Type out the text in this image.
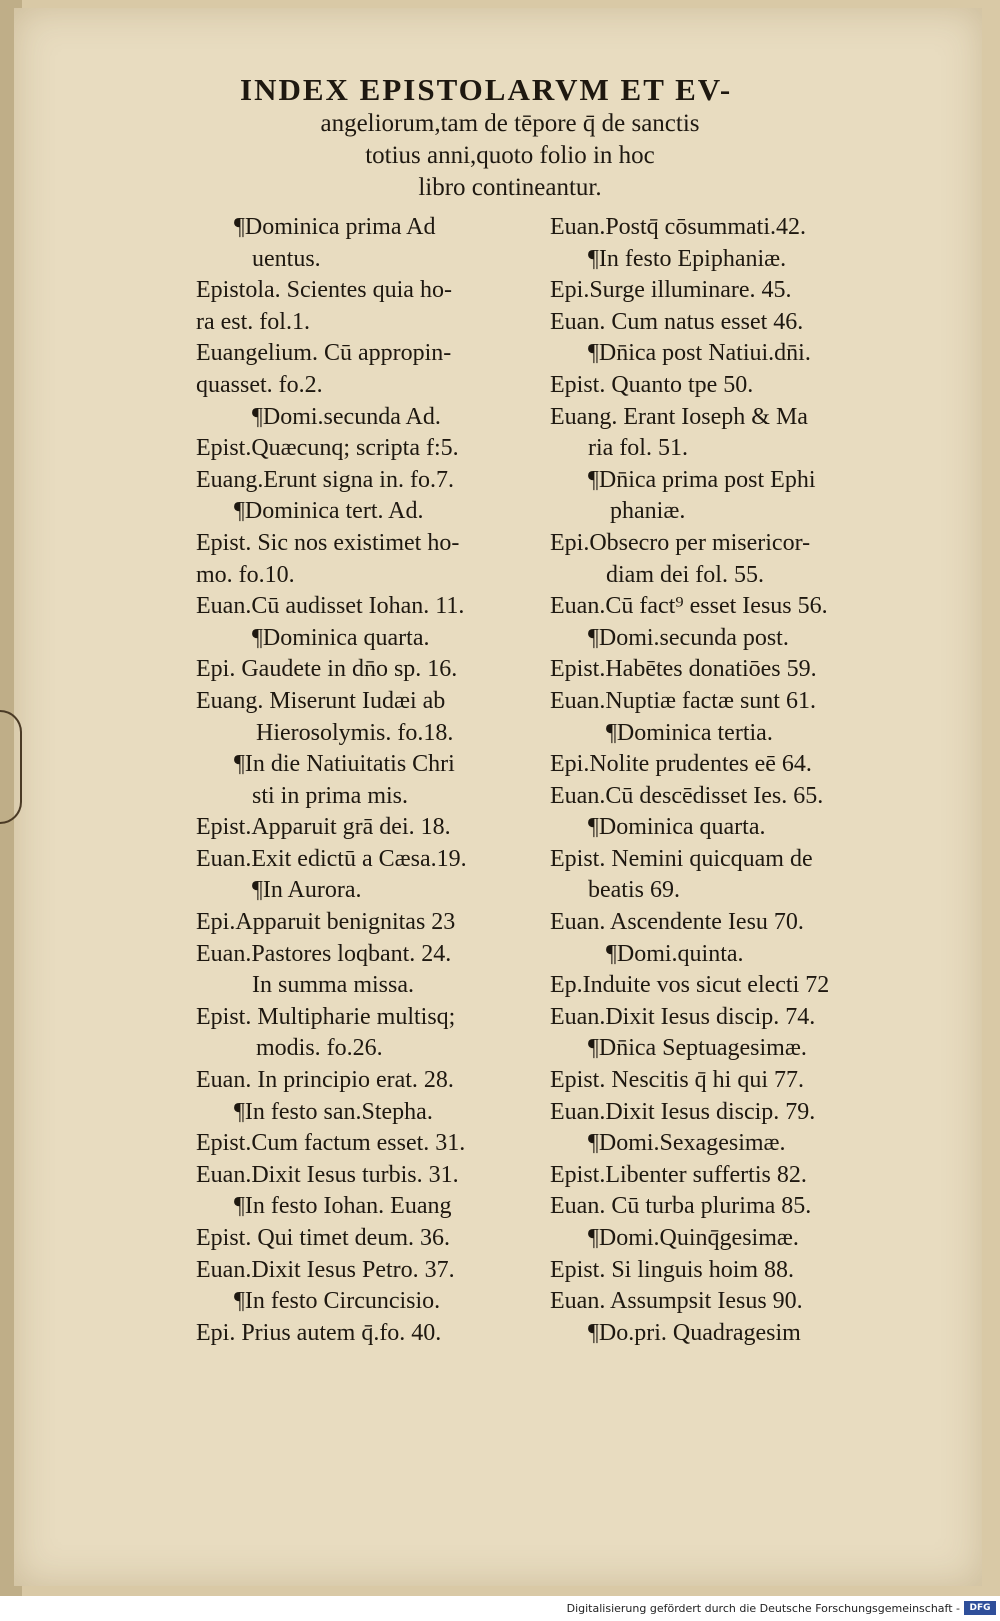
INDEX EPISTOLARVM ET EV-
angeliorum,tam de tēpore q̄ de sanctis
totius anni,quoto folio in hoc
libro contineantur.
¶Dominica prima Ad
uentus.
Epistola. Scientes quia ho-
ra est. fol.1.
Euangelium. Cū appropin-
quasset. fo.2.
¶Domi.secunda Ad.
Epist.Quæcunq; scripta f:5.
Euang.Erunt signa in. fo.7.
¶Dominica tert. Ad.
Epist. Sic nos existimet ho-
mo. fo.10.
Euan.Cū audisset Iohan. 11.
¶Dominica quarta.
Epi. Gaudete in dn̄o sp. 16.
Euang. Miserunt Iudæi ab
Hierosolymis. fo.18.
¶In die Natiuitatis Chri
sti in prima mis.
Epist.Apparuit grā dei. 18.
Euan.Exit edictū a Cæsa.19.
¶In Aurora.
Epi.Apparuit benignitas 23
Euan.Pastores loqbant. 24.
In summa missa.
Epist. Multipharie multisq;
modis. fo.26.
Euan. In principio erat. 28.
¶In festo san.Stepha.
Epist.Cum factum esset. 31.
Euan.Dixit Iesus turbis. 31.
¶In festo Iohan. Euang
Epist. Qui timet deum. 36.
Euan.Dixit Iesus Petro. 37.
¶In festo Circuncisio.
Epi. Prius autem q̄.fo. 40.
Euan.Postq̄ cōsummati.42.
¶In festo Epiphaniæ.
Epi.Surge illuminare. 45.
Euan. Cum natus esset 46.
¶Dn̄ica post Natiui.dn̄i.
Epist. Quanto tpe 50.
Euang. Erant Ioseph & Ma
ria fol. 51.
¶Dn̄ica prima post Ephi
phaniæ.
Epi.Obsecro per misericor-
diam dei fol. 55.
Euan.Cū fact⁹ esset Iesus 56.
¶Domi.secunda post.
Epist.Habētes donatiōes 59.
Euan.Nuptiæ factæ sunt 61.
¶Dominica tertia.
Epi.Nolite prudentes eē 64.
Euan.Cū descēdisset Ies. 65.
¶Dominica quarta.
Epist. Nemini quicquam de
beatis 69.
Euan. Ascendente Iesu 70.
¶Domi.quinta.
Ep.Induite vos sicut electi 72
Euan.Dixit Iesus discip. 74.
¶Dn̄ica Septuagesimæ.
Epist. Nescitis q̄ hi qui 77.
Euan.Dixit Iesus discip. 79.
¶Domi.Sexagesimæ.
Epist.Libenter suffertis 82.
Euan. Cū turba plurima 85.
¶Domi.Quinq̄gesimæ.
Epist. Si linguis hoim 88.
Euan. Assumpsit Iesus 90.
¶Do.pri. Quadragesim
Digitalisierung gefördert durch die Deutsche Forschungsgemeinschaft -	DFG
